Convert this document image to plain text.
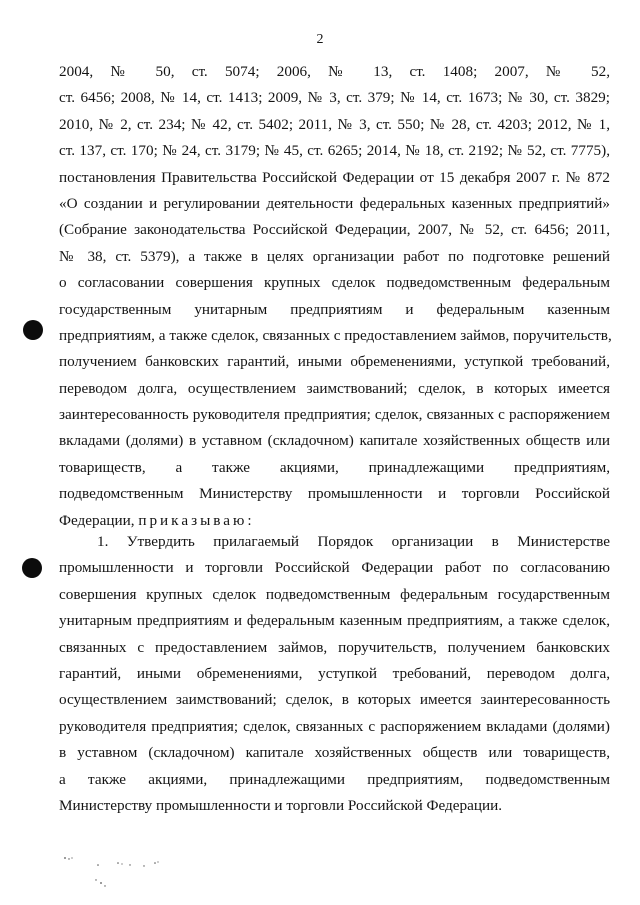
2
2004, № 50, ст. 5074; 2006, № 13, ст. 1408; 2007, № 52,
ст. 6456; 2008, № 14, ст. 1413; 2009, № 3, ст. 379; № 14, ст. 1673; № 30, ст. 3829;
2010, № 2, ст. 234; № 42, ст. 5402; 2011, № 3, ст. 550; № 28, ст. 4203; 2012, № 1,
ст. 137, ст. 170; № 24, ст. 3179; № 45, ст. 6265; 2014, № 18, ст. 2192; № 52, ст. 7775),
постановления Правительства Российской Федерации от 15 декабря 2007 г. № 872
«О создании и регулировании деятельности федеральных казенных предприятий»
(Собрание законодательства Российской Федерации, 2007, № 52, ст. 6456; 2011,
№ 38, ст. 5379), а также в целях организации работ по подготовке решений
о согласовании совершения крупных сделок подведомственным федеральным
государственным унитарным предприятиям и федеральным казенным
предприятиям, а также сделок, связанных с предоставлением займов, поручительств,
получением банковских гарантий, иными обременениями, уступкой требований,
переводом долга, осуществлением заимствований; сделок, в которых имеется
заинтересованность руководителя предприятия; сделок, связанных с распоряжением
вкладами (долями) в уставном (складочном) капитале хозяйственных обществ или
товариществ, а также акциями, принадлежащими предприятиям,
подведомственным Министерству промышленности и торговли Российской
Федерации, приказываю:
1. Утвердить прилагаемый Порядок организации в Министерстве
промышленности и торговли Российской Федерации работ по согласованию
совершения крупных сделок подведомственным федеральным государственным
унитарным предприятиям и федеральным казенным предприятиям, а также сделок,
связанных с предоставлением займов, поручительств, получением банковских
гарантий, иными обременениями, уступкой требований, переводом долга,
осуществлением заимствований; сделок, в которых имеется заинтересованность
руководителя предприятия; сделок, связанных с распоряжением вкладами (долями)
в уставном (складочном) капитале хозяйственных обществ или товариществ,
а также акциями, принадлежащими предприятиям, подведомственным
Министерству промышленности и торговли Российской Федерации.
